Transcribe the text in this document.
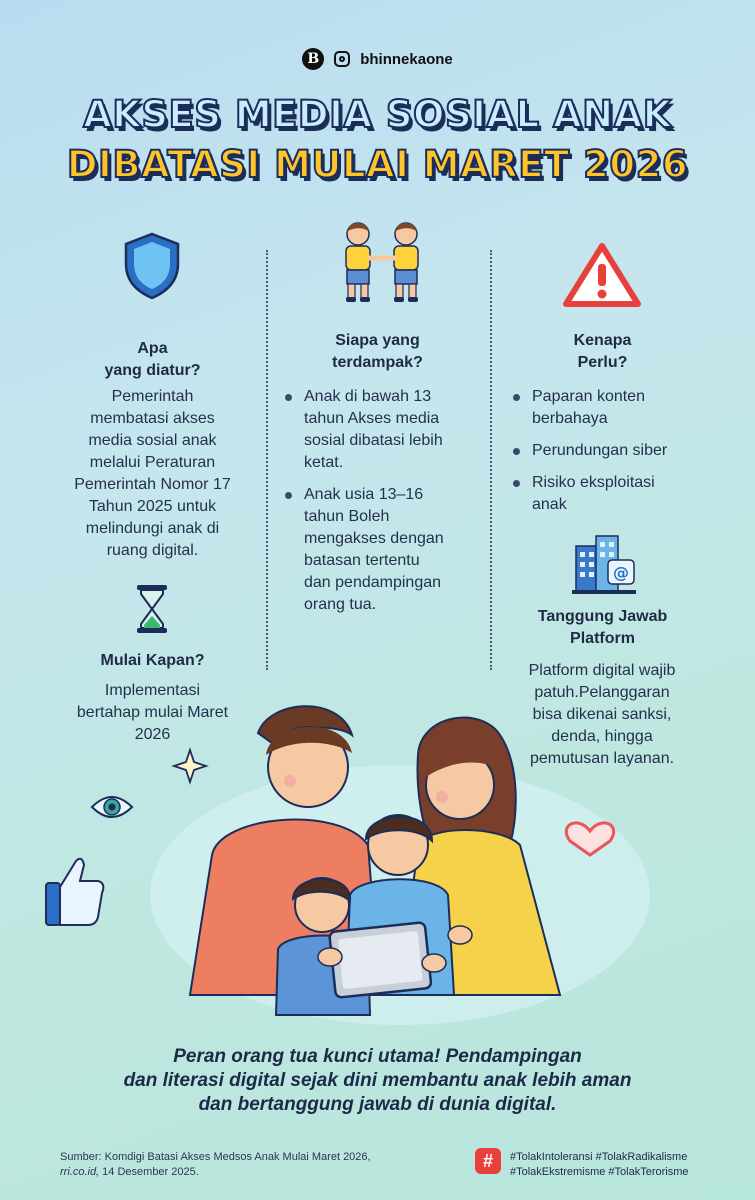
B	bhinnekaone
AKSES MEDIA SOSIAL ANAK
DIBATASI MULAI MARET 2026
Apa
yang diatur?
Pemerintah
membatasi akses
media sosial anak
melalui Peraturan
Pemerintah Nomor 17
Tahun 2025 untuk
melindungi anak di
ruang digital.
Mulai Kapan?
Implementasi
bertahap mulai Maret
2026
Siapa yang
terdampak?
Anak di bawah 13
tahun Akses media
sosial dibatasi lebih
ketat.
Anak usia 13–16
tahun Boleh
mengakses dengan
batasan tertentu
dan pendampingan
orang tua.
Kenapa
Perlu?
Paparan konten
berbahaya
Perundungan siber
Risiko eksploitasi
anak
@
Tanggung Jawab
Platform
Platform digital wajib
patuh.Pelanggaran
bisa dikenai sanksi,
denda, hingga
pemutusan layanan.
Peran orang tua kunci utama! Pendampingan
dan literasi digital sejak dini membantu anak lebih aman
dan bertanggung jawab di dunia digital.
Sumber: Komdigi Batasi Akses Medsos Anak Mulai Maret 2026,
rri.co.id, 14 Desember 2025.
#	#TolakIntoleransi #TolakRadikalisme
#TolakEkstremisme #TolakTerorisme
